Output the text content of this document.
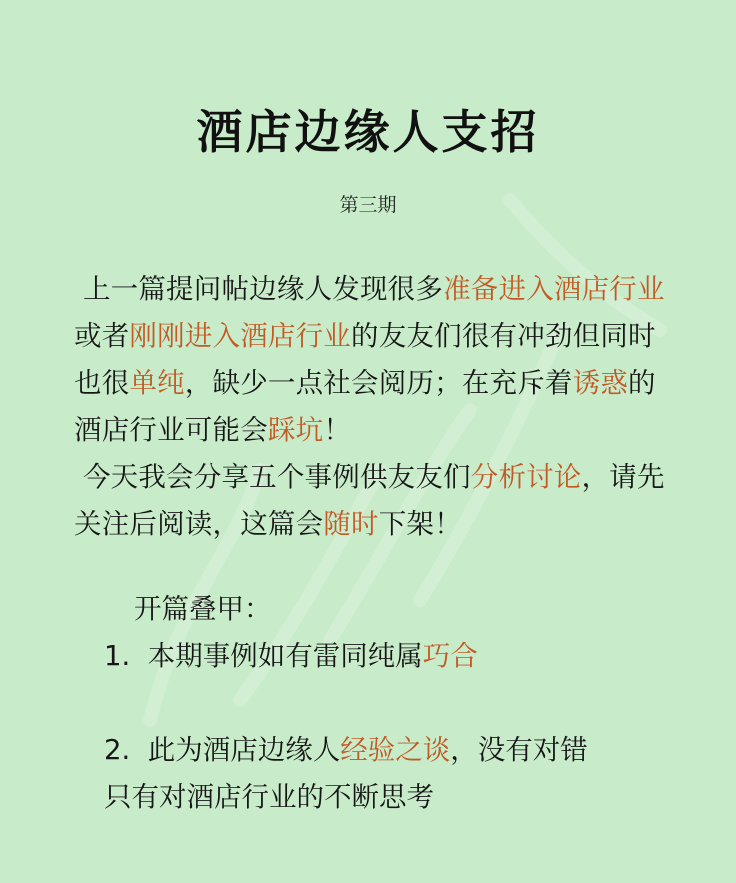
酒店边缘人支招
第三期

上一篇提问帖边缘人发现很多准备进入酒店行业或者刚刚进入酒店行业的友友们很有冲劲但同时也很单纯，缺少一点社会阅历；在充斥着诱惑的酒店行业可能会踩坑！

今天我会分享五个事例供友友们分析讨论，请先关注后阅读，这篇会随时下架！

开篇叠甲：

1. 本期事例如有雷同纯属巧合

2. 此为酒店边缘人经验之谈，没有对错

只有对酒店行业的不断思考
